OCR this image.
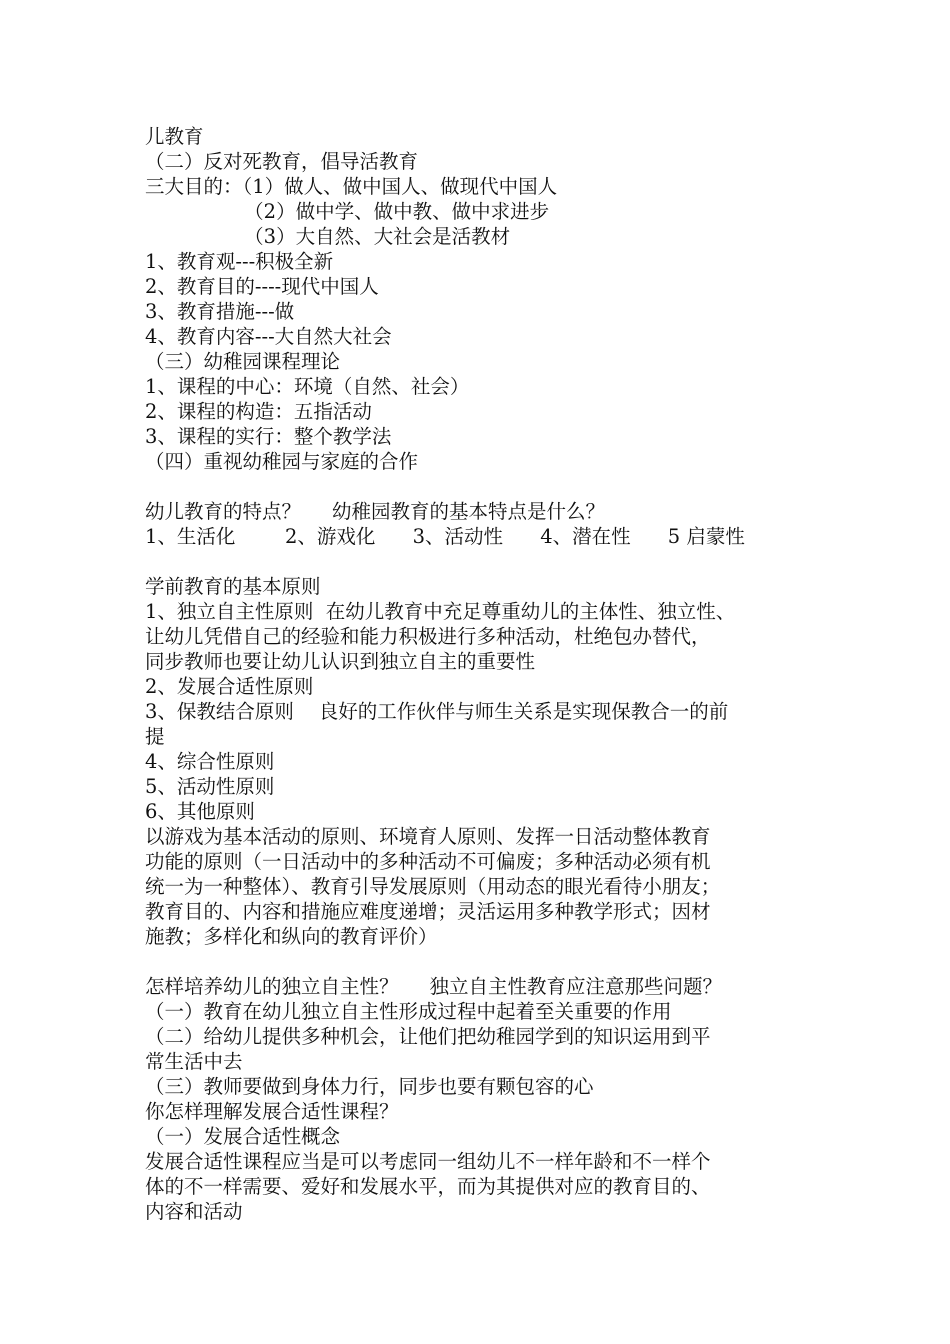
儿教育
（二）反对死教育，倡导活教育
三大目的：（1）做人、做中国人、做现代中国人
（2）做中学、做中教、做中求进步
（3）大自然、大社会是活教材
1、教育观---积极全新
2、教育目的----现代中国人
3、教育措施---做
4、教育内容---大自然大社会
（三）幼稚园课程理论
1、课程的中心：环境（自然、社会）
2、课程的构造：五指活动
3、课程的实行：整个教学法
（四）重视幼稚园与家庭的合作
幼儿教育的特点？     幼稚园教育的基本特点是什么？
1、生活化        2、游戏化      3、活动性      4、潜在性      5 启蒙性
学前教育的基本原则
1、独立自主性原则  在幼儿教育中充足尊重幼儿的主体性、独立性、
让幼儿凭借自己的经验和能力积极进行多种活动，杜绝包办替代，
同步教师也要让幼儿认识到独立自主的重要性
2、发展合适性原则
3、保教结合原则    良好的工作伙伴与师生关系是实现保教合一的前
提
4、综合性原则
5、活动性原则
6、其他原则
以游戏为基本活动的原则、环境育人原则、发挥一日活动整体教育
功能的原则（一日活动中的多种活动不可偏废；多种活动必须有机
统一为一种整体）、教育引导发展原则（用动态的眼光看待小朋友；
教育目的、内容和措施应难度递增；灵活运用多种教学形式；因材
施教；多样化和纵向的教育评价）
怎样培养幼儿的独立自主性？     独立自主性教育应注意那些问题？
（一）教育在幼儿独立自主性形成过程中起着至关重要的作用
（二）给幼儿提供多种机会，让他们把幼稚园学到的知识运用到平
常生活中去
（三）教师要做到身体力行，同步也要有颗包容的心
你怎样理解发展合适性课程？
（一）发展合适性概念
发展合适性课程应当是可以考虑同一组幼儿不一样年龄和不一样个
体的不一样需要、爱好和发展水平，而为其提供对应的教育目的、
内容和活动
